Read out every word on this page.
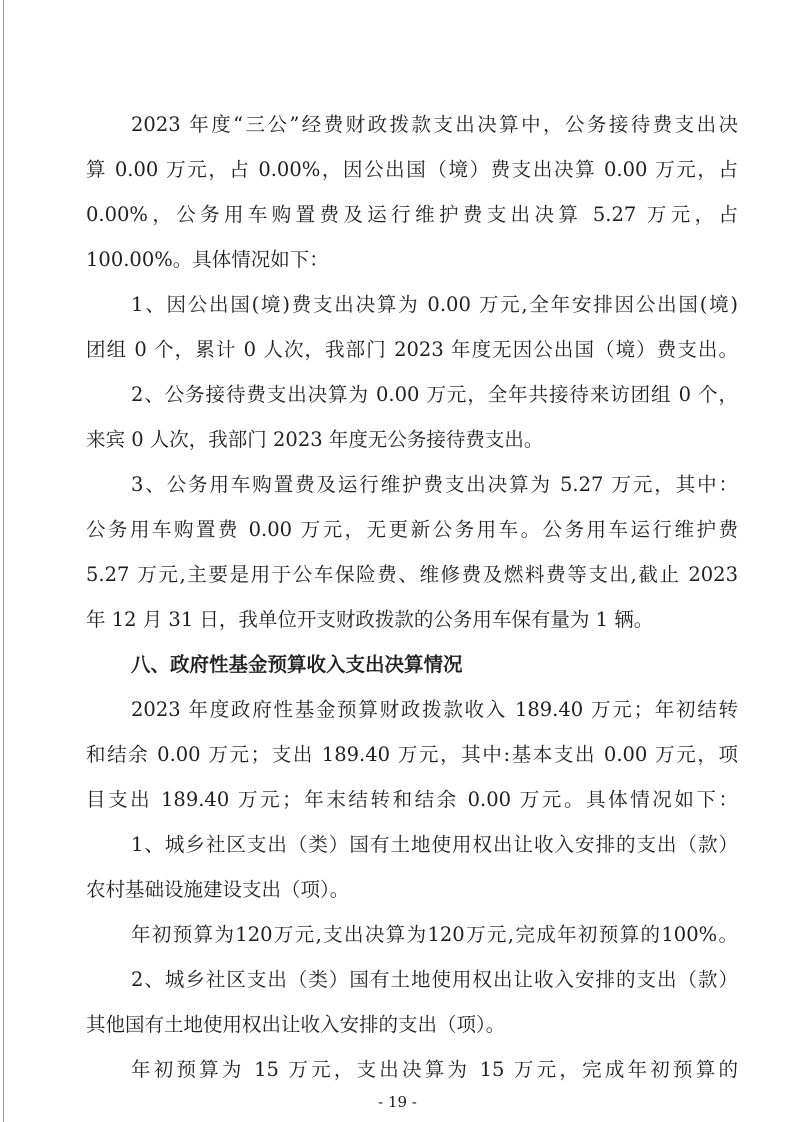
2023 年度“三公”经费财政拨款支出决算中，公务接待费支出决
算 0.00 万元，占 0.00%，因公出国（境）费支出决算 0.00 万元，占
0.00%，公务用车购置费及运行维护费支出决算 5.27 万元，占
100.00%。具体情况如下：
1、因公出国(境)费支出决算为 0.00 万元,全年安排因公出国(境)
团组 0 个，累计 0 人次，我部门 2023 年度无因公出国（境）费支出。
2、公务接待费支出决算为 0.00 万元，全年共接待来访团组 0 个，
来宾 0 人次，我部门 2023 年度无公务接待费支出。
3、公务用车购置费及运行维护费支出决算为 5.27 万元，其中：
公务用车购置费 0.00 万元，无更新公务用车。公务用车运行维护费
5.27 万元,主要是用于公车保险费、维修费及燃料费等支出,截止 2023
年 12 月 31 日，我单位开支财政拨款的公务用车保有量为 1 辆。
八、政府性基金预算收入支出决算情况
2023 年度政府性基金预算财政拨款收入 189.40 万元；年初结转
和结余 0.00 万元；支出 189.40 万元，其中:基本支出 0.00 万元，项
目支出 189.40 万元；年末结转和结余 0.00 万元。具体情况如下：
1、城乡社区支出（类）国有土地使用权出让收入安排的支出（款）
农村基础设施建设支出（项）。
年初预算为120万元,支出决算为120万元,完成年初预算的100%。
2、城乡社区支出（类）国有土地使用权出让收入安排的支出（款）
其他国有土地使用权出让收入安排的支出（项）。
年初预算为 15 万元，支出决算为 15 万元，完成年初预算的
- 19 -
